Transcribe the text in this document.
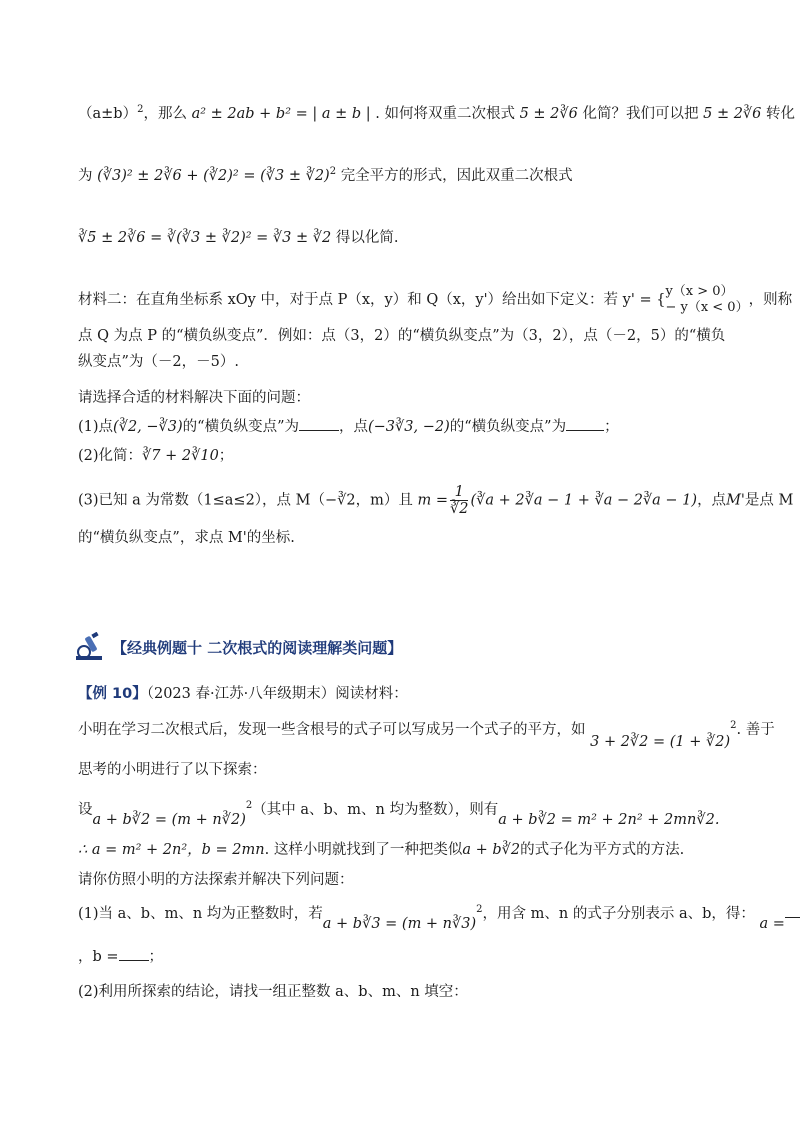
$(a\pm b)^2$，那么 a² ± 2ab + b² = | a ± b | . 如何将双重二次根式 5 ± 2∛6 化简？我们可以把 5 ± 2∛6 转化
为 (∛3)² ± 2∛6 + (∛2)² = (∛3 ± ∛2)$^2$ 完全平方的形式，因此双重二次根式
∛5 ± 2∛6 = ∛(∛3 ± ∛2)² = ∛3 ± ∛2 得以化简.
材料二：在直角坐标系 xOy 中，对于点 P（x，y）和 Q（x，y'）给出如下定义：若 y' = {
y（x > 0）
− y（x < 0） ，则称
点 Q 为点 P 的“横负纵变点”．例如：点（3，2）的“横负纵变点”为（3，2），点（－2，5）的“横负
纵变点”为（－2，－5）.
请选择合适的材料解决下面的问题：
(1)点(∛2, −∛3)的“横负纵变点”为	，点(−3∛3, −2)的“横负纵变点”为	；
(2)化简：∛7 + 2∛10；
(3)已知 a 为常数（1≤a≤2），点 M（−∛2，m）且 $m = \frac{1}{∛2}$ (∛a + 2∛a − 1 + ∛a − 2∛a − 1)，点M'是点 M
的“横负纵变点”，求点 M'的坐标.
【经典例题十 二次根式的阅读理解类问题】
【例 10】（2023 春·江苏·八年级期末）阅读材料：
小明在学习二次根式后，发现一些含根号的式子可以写成另一个式子的平方，如 3 + 2∛2 = (1 + ∛2)$^2$. 善于
思考的小明进行了以下探索：
设a + b∛2 = (m + n∛2)$^2$（其中 a、b、m、n 均为整数），则有a + b∛2 = m² + 2n² + 2mn∛2.
∴ a = m² + 2n²，b = 2mn. 这样小明就找到了一种把类似a + b∛2的式子化为平方式的方法.
请你仿照小明的方法探索并解决下列问题：
(1)当 a、b、m、n 均为正整数时，若a + b∛3 = (m + n∛3)$^2$，用含 m、n 的式子分别表示 a、b，得： a =
，b = ；
(2)利用所探索的结论，请找一组正整数 a、b、m、n 填空：
